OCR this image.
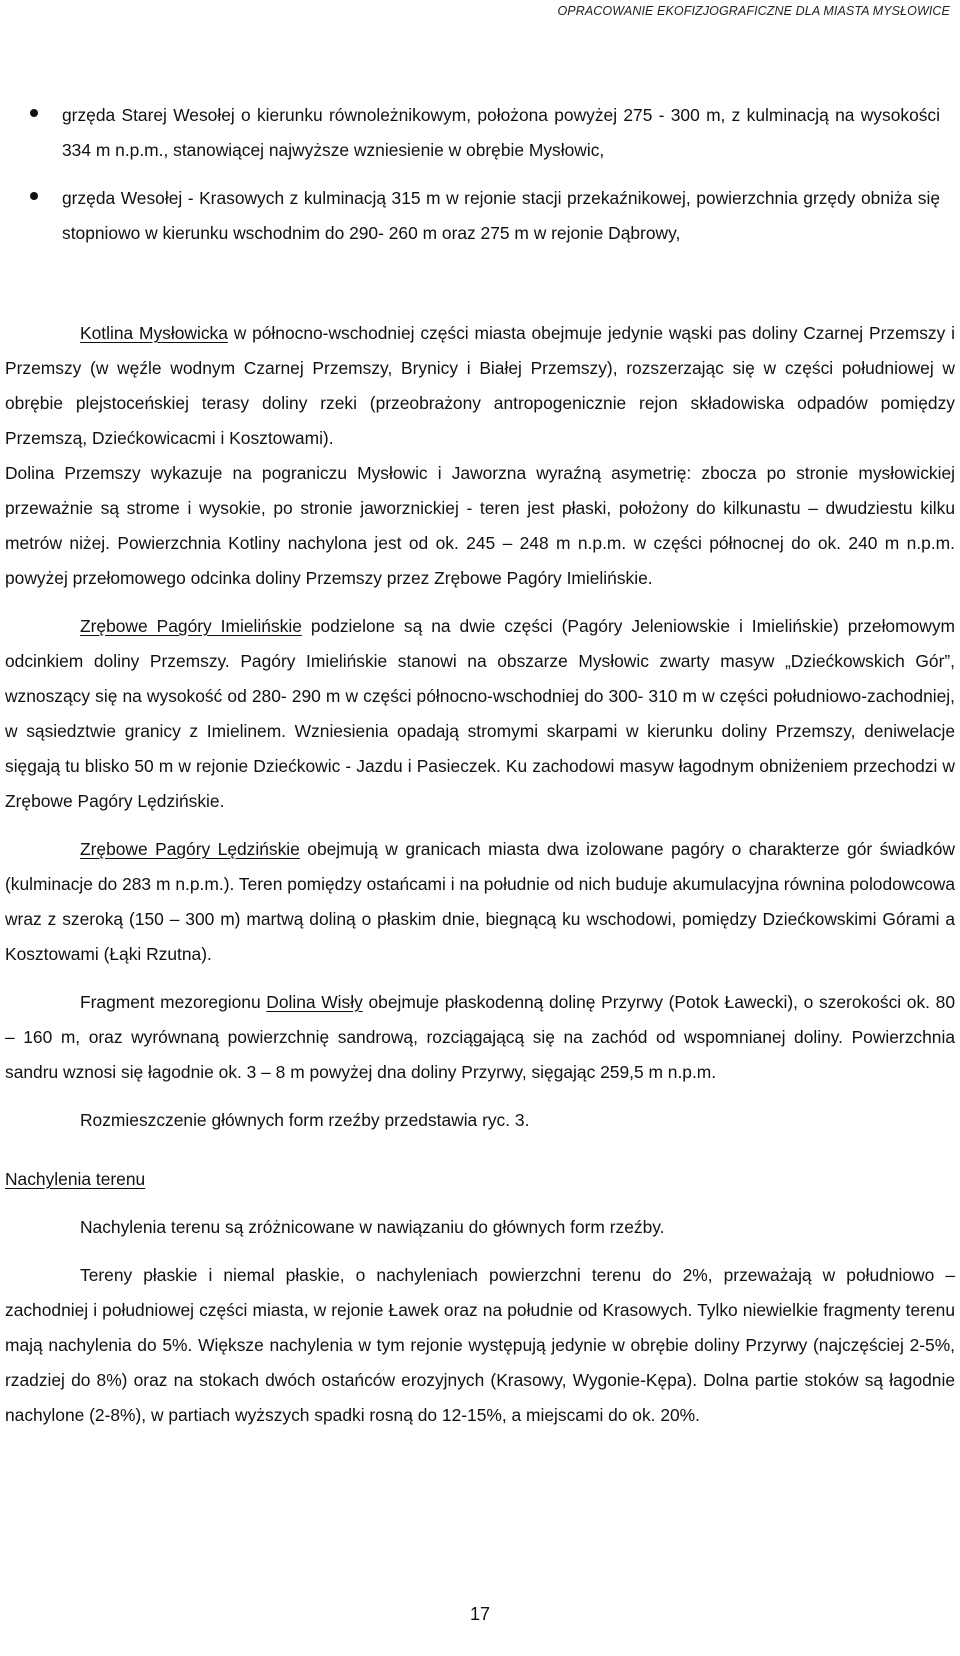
OPRACOWANIE EKOFIZJOGRAFICZNE DLA MIASTA MYSŁOWICE
grzęda Starej Wesołej o kierunku równoleżnikowym, położona powyżej 275 - 300 m, z kulminacją na wysokości 334 m n.p.m., stanowiącej najwyższe wzniesienie w obrębie Mysłowic,
grzęda Wesołej - Krasowych z kulminacją 315 m w rejonie stacji przekaźnikowej, powierzchnia grzędy obniża się stopniowo w kierunku wschodnim do 290- 260 m oraz 275 m w rejonie Dąbrowy,

Kotlina Mysłowicka w północno-wschodniej części miasta obejmuje jedynie wąski pas doliny Czarnej Przemszy i Przemszy (w węźle wodnym Czarnej Przemszy, Brynicy i Białej Przemszy), rozszerzając się w części południowej w obrębie plejstoceńskiej terasy doliny rzeki (przeobrażony antropogenicznie rejon składowiska odpadów pomiędzy Przemszą, Dziećkowicacmi i Kosztowami).

Dolina Przemszy wykazuje na pograniczu Mysłowic i Jaworzna wyraźną asymetrię: zbocza po stronie mysłowickiej przeważnie są strome i wysokie, po stronie jaworznickiej - teren jest płaski, położony do kilkunastu – dwudziestu kilku metrów niżej. Powierzchnia Kotliny nachylona jest od ok. 245 – 248 m n.p.m. w części północnej do ok. 240 m n.p.m. powyżej przełomowego odcinka doliny Przemszy przez Zrębowe Pagóry Imielińskie.

Zrębowe Pagóry Imielińskie podzielone są na dwie części (Pagóry Jeleniowskie i Imielińskie) przełomowym odcinkiem doliny Przemszy. Pagóry Imielińskie stanowi na obszarze Mysłowic zwarty masyw „Dziećkowskich Gór”, wznoszący się na wysokość od 280- 290 m w części północno-wschodniej do 300- 310 m w części południowo-zachodniej, w sąsiedztwie granicy z Imielinem. Wzniesienia opadają stromymi skarpami w kierunku doliny Przemszy, deniwelacje sięgają tu blisko 50 m w rejonie Dziećkowic - Jazdu i Pasieczek. Ku zachodowi masyw łagodnym obniżeniem przechodzi w Zrębowe Pagóry Lędzińskie.

Zrębowe Pagóry Lędzińskie obejmują w granicach miasta dwa izolowane pagóry o charakterze gór świadków (kulminacje do 283 m n.p.m.). Teren pomiędzy ostańcami i na południe od nich buduje akumulacyjna równina polodowcowa wraz z szeroką (150 – 300 m) martwą doliną o płaskim dnie, biegnącą ku wschodowi, pomiędzy Dziećkowskimi Górami a Kosztowami (Łąki Rzutna).

Fragment mezoregionu Dolina Wisły obejmuje płaskodenną dolinę Przyrwy (Potok Ławecki), o szerokości ok. 80 – 160 m, oraz wyrównaną powierzchnię sandrową, rozciągającą się na zachód od wspomnianej doliny. Powierzchnia sandru wznosi się łagodnie ok. 3 – 8 m powyżej dna doliny Przyrwy, sięgając 259,5 m n.p.m.

Rozmieszczenie głównych form rzeźby przedstawia ryc. 3.

Nachylenia terenu

Nachylenia terenu są zróżnicowane w nawiązaniu do głównych form rzeźby.

Tereny płaskie i niemal płaskie, o nachyleniach powierzchni terenu do 2%, przeważają w południowo – zachodniej i południowej części miasta, w rejonie Ławek oraz na południe od Krasowych. Tylko niewielkie fragmenty terenu mają nachylenia do 5%. Większe nachylenia w tym rejonie występują jedynie w obrębie doliny Przyrwy (najczęściej 2-5%, rzadziej do 8%) oraz na stokach dwóch ostańców erozyjnych (Krasowy, Wygonie-Kępa). Dolna partie stoków są łagodnie nachylone (2-8%), w partiach wyższych spadki rosną do 12-15%, a miejscami do ok. 20%.

17
